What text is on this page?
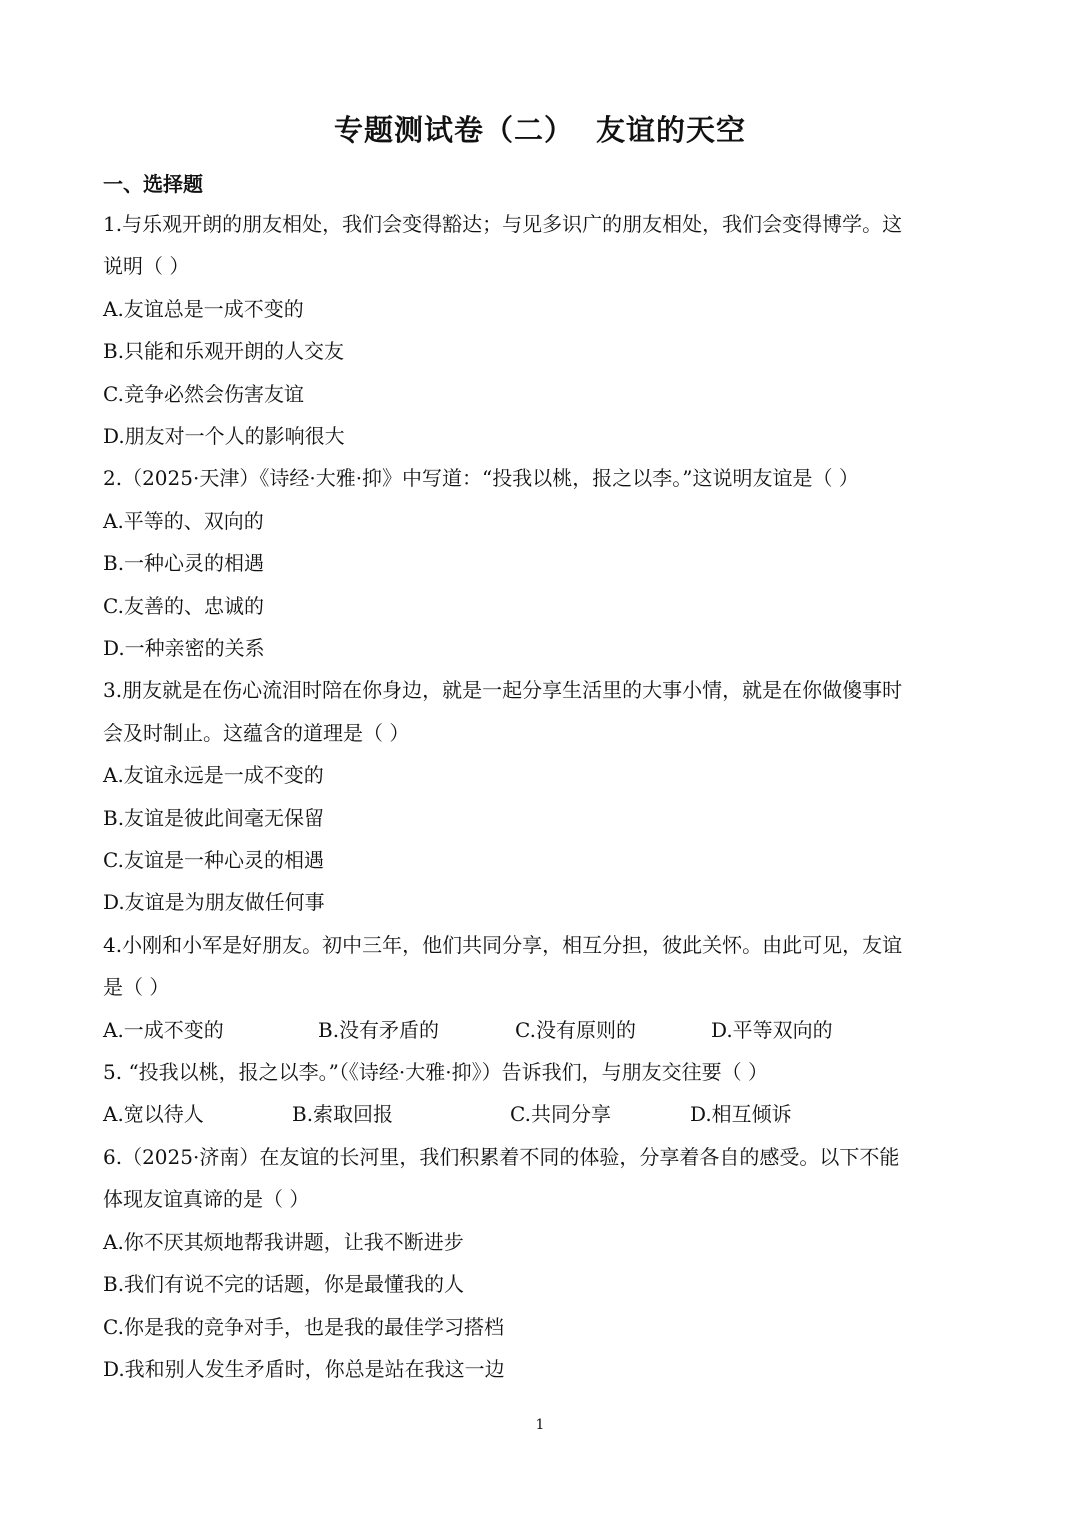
专题测试卷（二） 友谊的天空
一、选择题
1.与乐观开朗的朋友相处，我们会变得豁达；与见多识广的朋友相处，我们会变得博学。这
说明（ ）
A.友谊总是一成不变的
B.只能和乐观开朗的人交友
C.竞争必然会伤害友谊
D.朋友对一个人的影响很大
2.（2025·天津）《诗经·大雅·抑》中写道：“投我以桃，报之以李。”这说明友谊是（ ）
A.平等的、双向的
B.一种心灵的相遇
C.友善的、忠诚的
D.一种亲密的关系
3.朋友就是在伤心流泪时陪在你身边，就是一起分享生活里的大事小情，就是在你做傻事时
会及时制止。这蕴含的道理是（ ）
A.友谊永远是一成不变的
B.友谊是彼此间毫无保留
C.友谊是一种心灵的相遇
D.友谊是为朋友做任何事
4.小刚和小军是好朋友。初中三年，他们共同分享，相互分担，彼此关怀。由此可见，友谊
是（ ）
A.一成不变的	B.没有矛盾的	C.没有原则的	D.平等双向的
5. “投我以桃，报之以李。”（《诗经·大雅·抑》）告诉我们，与朋友交往要（ ）
A.宽以待人	B.索取回报	C.共同分享	D.相互倾诉
6.（2025·济南）在友谊的长河里，我们积累着不同的体验，分享着各自的感受。以下不能
体现友谊真谛的是（ ）
A.你不厌其烦地帮我讲题，让我不断进步
B.我们有说不完的话题，你是最懂我的人
C.你是我的竞争对手，也是我的最佳学习搭档
D.我和别人发生矛盾时，你总是站在我这一边
1
